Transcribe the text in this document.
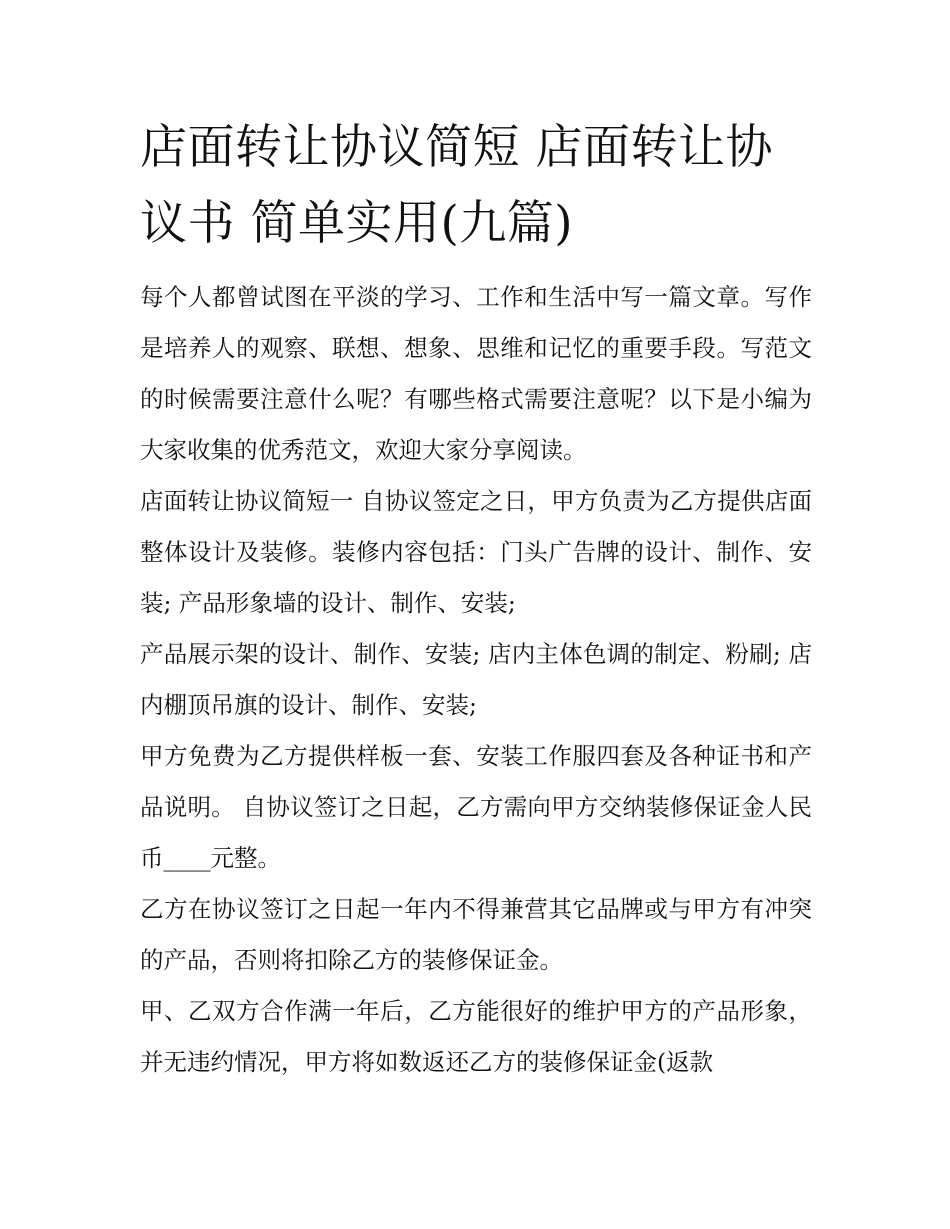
店面转让协议简短 店面转让协议书 简单实用(九篇)

每个人都曾试图在平淡的学习、工作和生活中写一篇文章。写作是培养人的观察、联想、想象、思维和记忆的重要手段。写范文的时候需要注意什么呢？有哪些格式需要注意呢？以下是小编为大家收集的优秀范文，欢迎大家分享阅读。

店面转让协议简短一 自协议签定之日，甲方负责为乙方提供店面整体设计及装修。装修内容包括：门头广告牌的设计、制作、安装; 产品形象墙的设计、制作、安装;

产品展示架的设计、制作、安装; 店内主体色调的制定、粉刷; 店内棚顶吊旗的设计、制作、安装;

甲方免费为乙方提供样板一套、安装工作服四套及各种证书和产品说明。 自协议签订之日起，乙方需向甲方交纳装修保证金人民币____元整。

乙方在协议签订之日起一年内不得兼营其它品牌或与甲方有冲突的产品，否则将扣除乙方的装修保证金。

甲、乙双方合作满一年后，乙方能很好的维护甲方的产品形象，并无违约情况，甲方将如数返还乙方的装修保证金(返款
